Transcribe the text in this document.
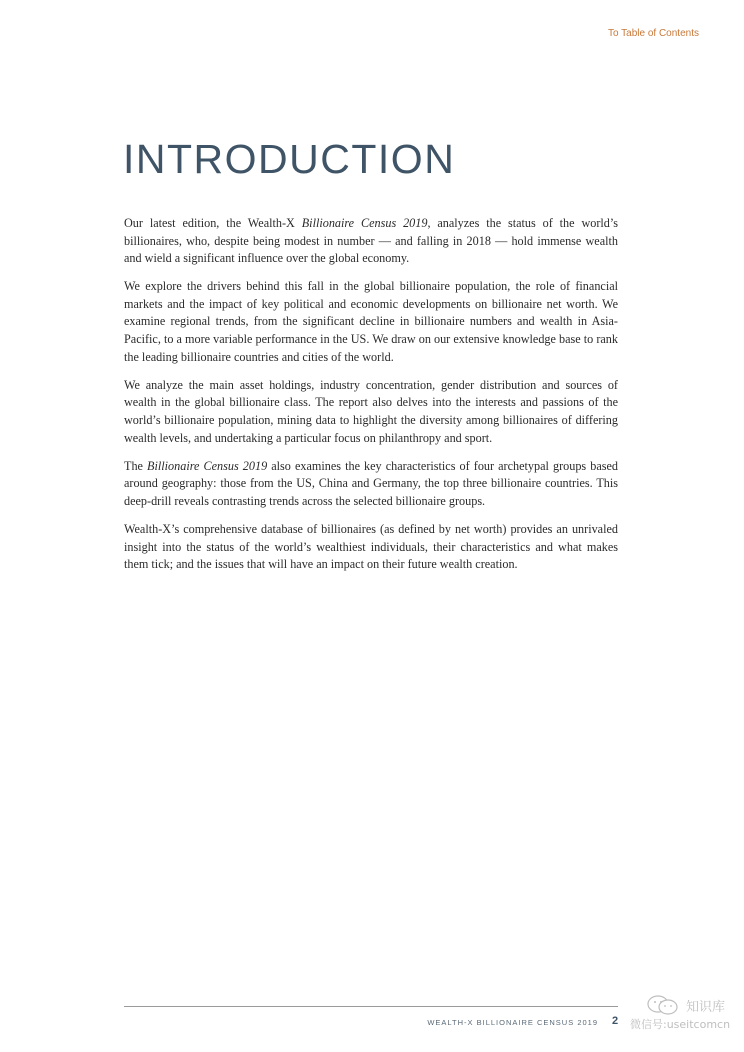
To Table of Contents
INTRODUCTION

Our latest edition, the Wealth-X Billionaire Census 2019, analyzes the status of the world’s billionaires, who, despite being modest in number — and falling in 2018 — hold immense wealth and wield a significant influence over the global economy.

We explore the drivers behind this fall in the global billionaire population, the role of financial markets and the impact of key political and economic developments on billionaire net worth. We examine regional trends, from the significant decline in billionaire numbers and wealth in Asia-Pacific, to a more variable performance in the US. We draw on our extensive knowledge base to rank the leading billionaire countries and cities of the world.

We analyze the main asset holdings, industry concentration, gender distribution and sources of wealth in the global billionaire class. The report also delves into the interests and passions of the world’s billionaire population, mining data to highlight the diversity among billionaires of differing wealth levels, and undertaking a particular focus on philanthropy and sport.

The Billionaire Census 2019 also examines the key characteristics of four archetypal groups based around geography: those from the US, China and Germany, the top three billionaire countries. This deep-drill reveals contrasting trends across the selected billionaire groups.

Wealth-X’s comprehensive database of billionaires (as defined by net worth) provides an unrivaled insight into the status of the world’s wealthiest individuals, their characteristics and what makes them tick; and the issues that will have an impact on their future wealth creation.

WEALTH-X BILLIONAIRE CENSUS 2019 2
知识库
微信号:useitcomcn
